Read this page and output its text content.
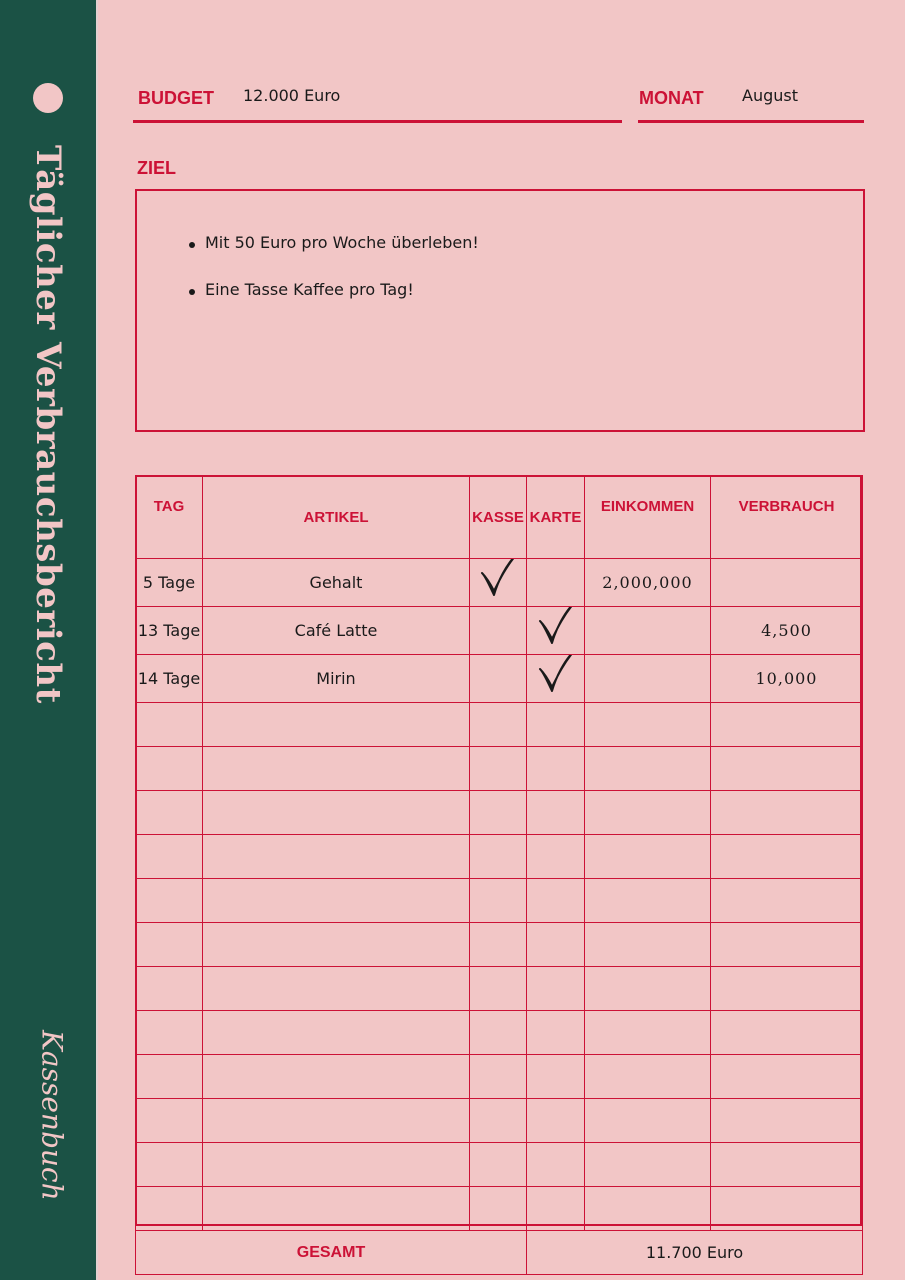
Täglicher Verbrauchsbericht
Kassenbuch
BUDGET 12.000 Euro	MONAT August
ZIEL
Mit 50 Euro pro Woche überleben!
Eine Tasse Kaffee pro Tag!
TAG	ARTIKEL	KASSE	KARTE	EINKOMMEN	VERBRAUCH
5 Tage	Gehalt			2,000,000	
13 Tage	Café Latte				4,500
14 Tage	Mirin				10,000

GESAMT			11.700 Euro		
